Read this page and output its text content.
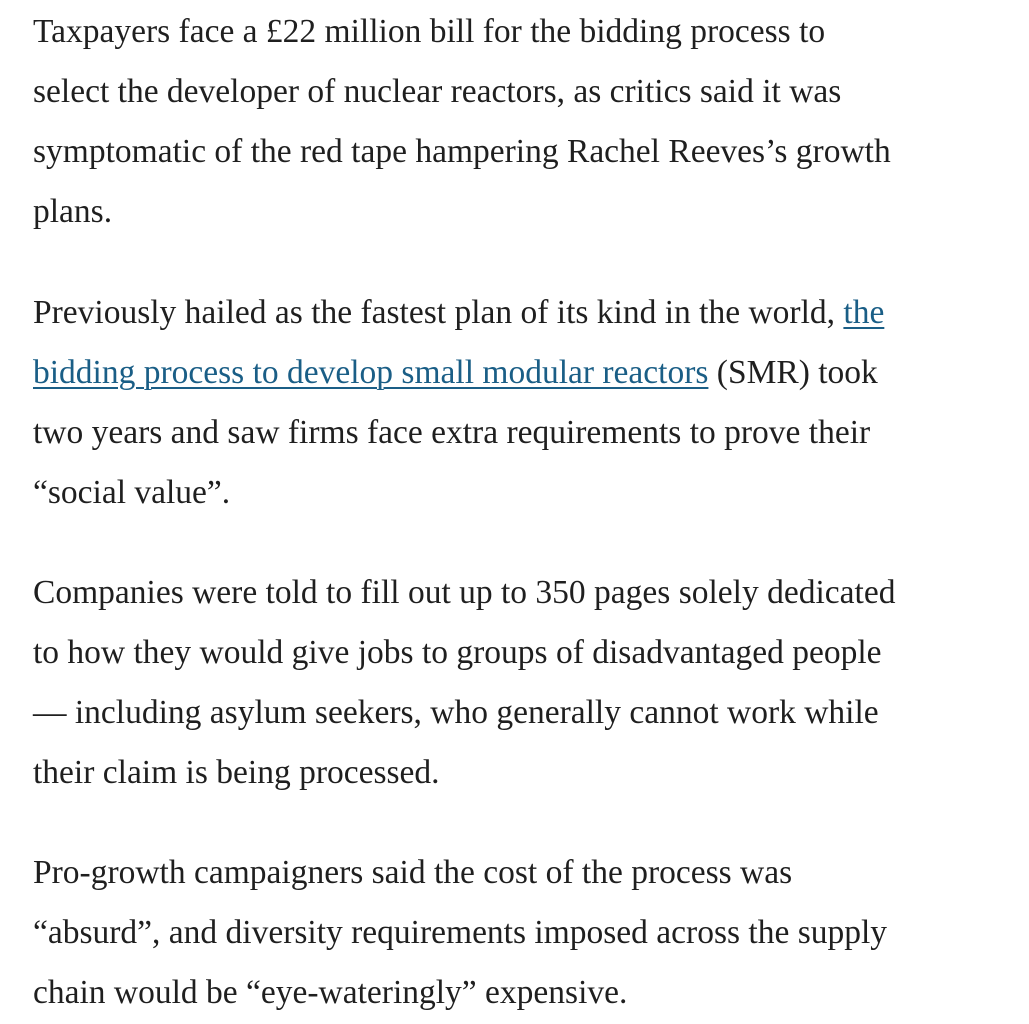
Taxpayers face a £22 million bill for the bidding process to
select the developer of nuclear reactors, as critics said it was
symptomatic of the red tape hampering Rachel Reeves’s growth
plans.

Previously hailed as the fastest plan of its kind in the world, the
bidding process to develop small modular reactors (SMR) took
two years and saw firms face extra requirements to prove their
“social value”.

Companies were told to fill out up to 350 pages solely dedicated
to how they would give jobs to groups of disadvantaged people
— including asylum seekers, who generally cannot work while
their claim is being processed.

Pro-growth campaigners said the cost of the process was
“absurd”, and diversity requirements imposed across the supply
chain would be “eye-wateringly” expensive.
